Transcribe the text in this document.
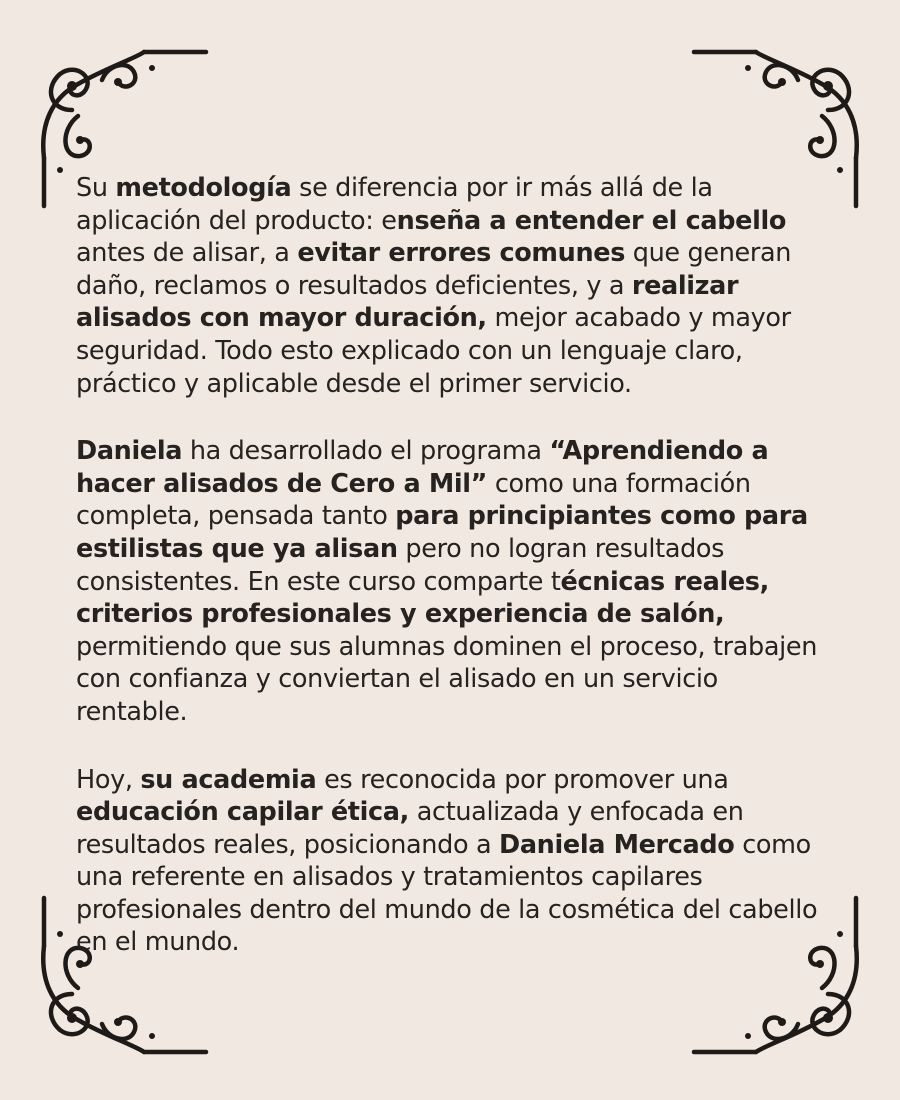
Su metodología se diferencia por ir más allá de la aplicación del producto: enseña a entender el cabello antes de alisar, a evitar errores comunes que generan daño, reclamos o resultados deficientes, y a realizar alisados con mayor duración, mejor acabado y mayor seguridad. Todo esto explicado con un lenguaje claro, práctico y aplicable desde el primer servicio.

Daniela ha desarrollado el programa “Aprendiendo a hacer alisados de Cero a Mil” como una formación completa, pensada tanto para principiantes como para estilistas que ya alisan pero no logran resultados consistentes. En este curso comparte técnicas reales, criterios profesionales y experiencia de salón, permitiendo que sus alumnas dominen el proceso, trabajen con confianza y conviertan el alisado en un servicio rentable.

Hoy, su academia es reconocida por promover una educación capilar ética, actualizada y enfocada en resultados reales, posicionando a Daniela Mercado como una referente en alisados y tratamientos capilares profesionales dentro del mundo de la cosmética del cabello en el mundo.
